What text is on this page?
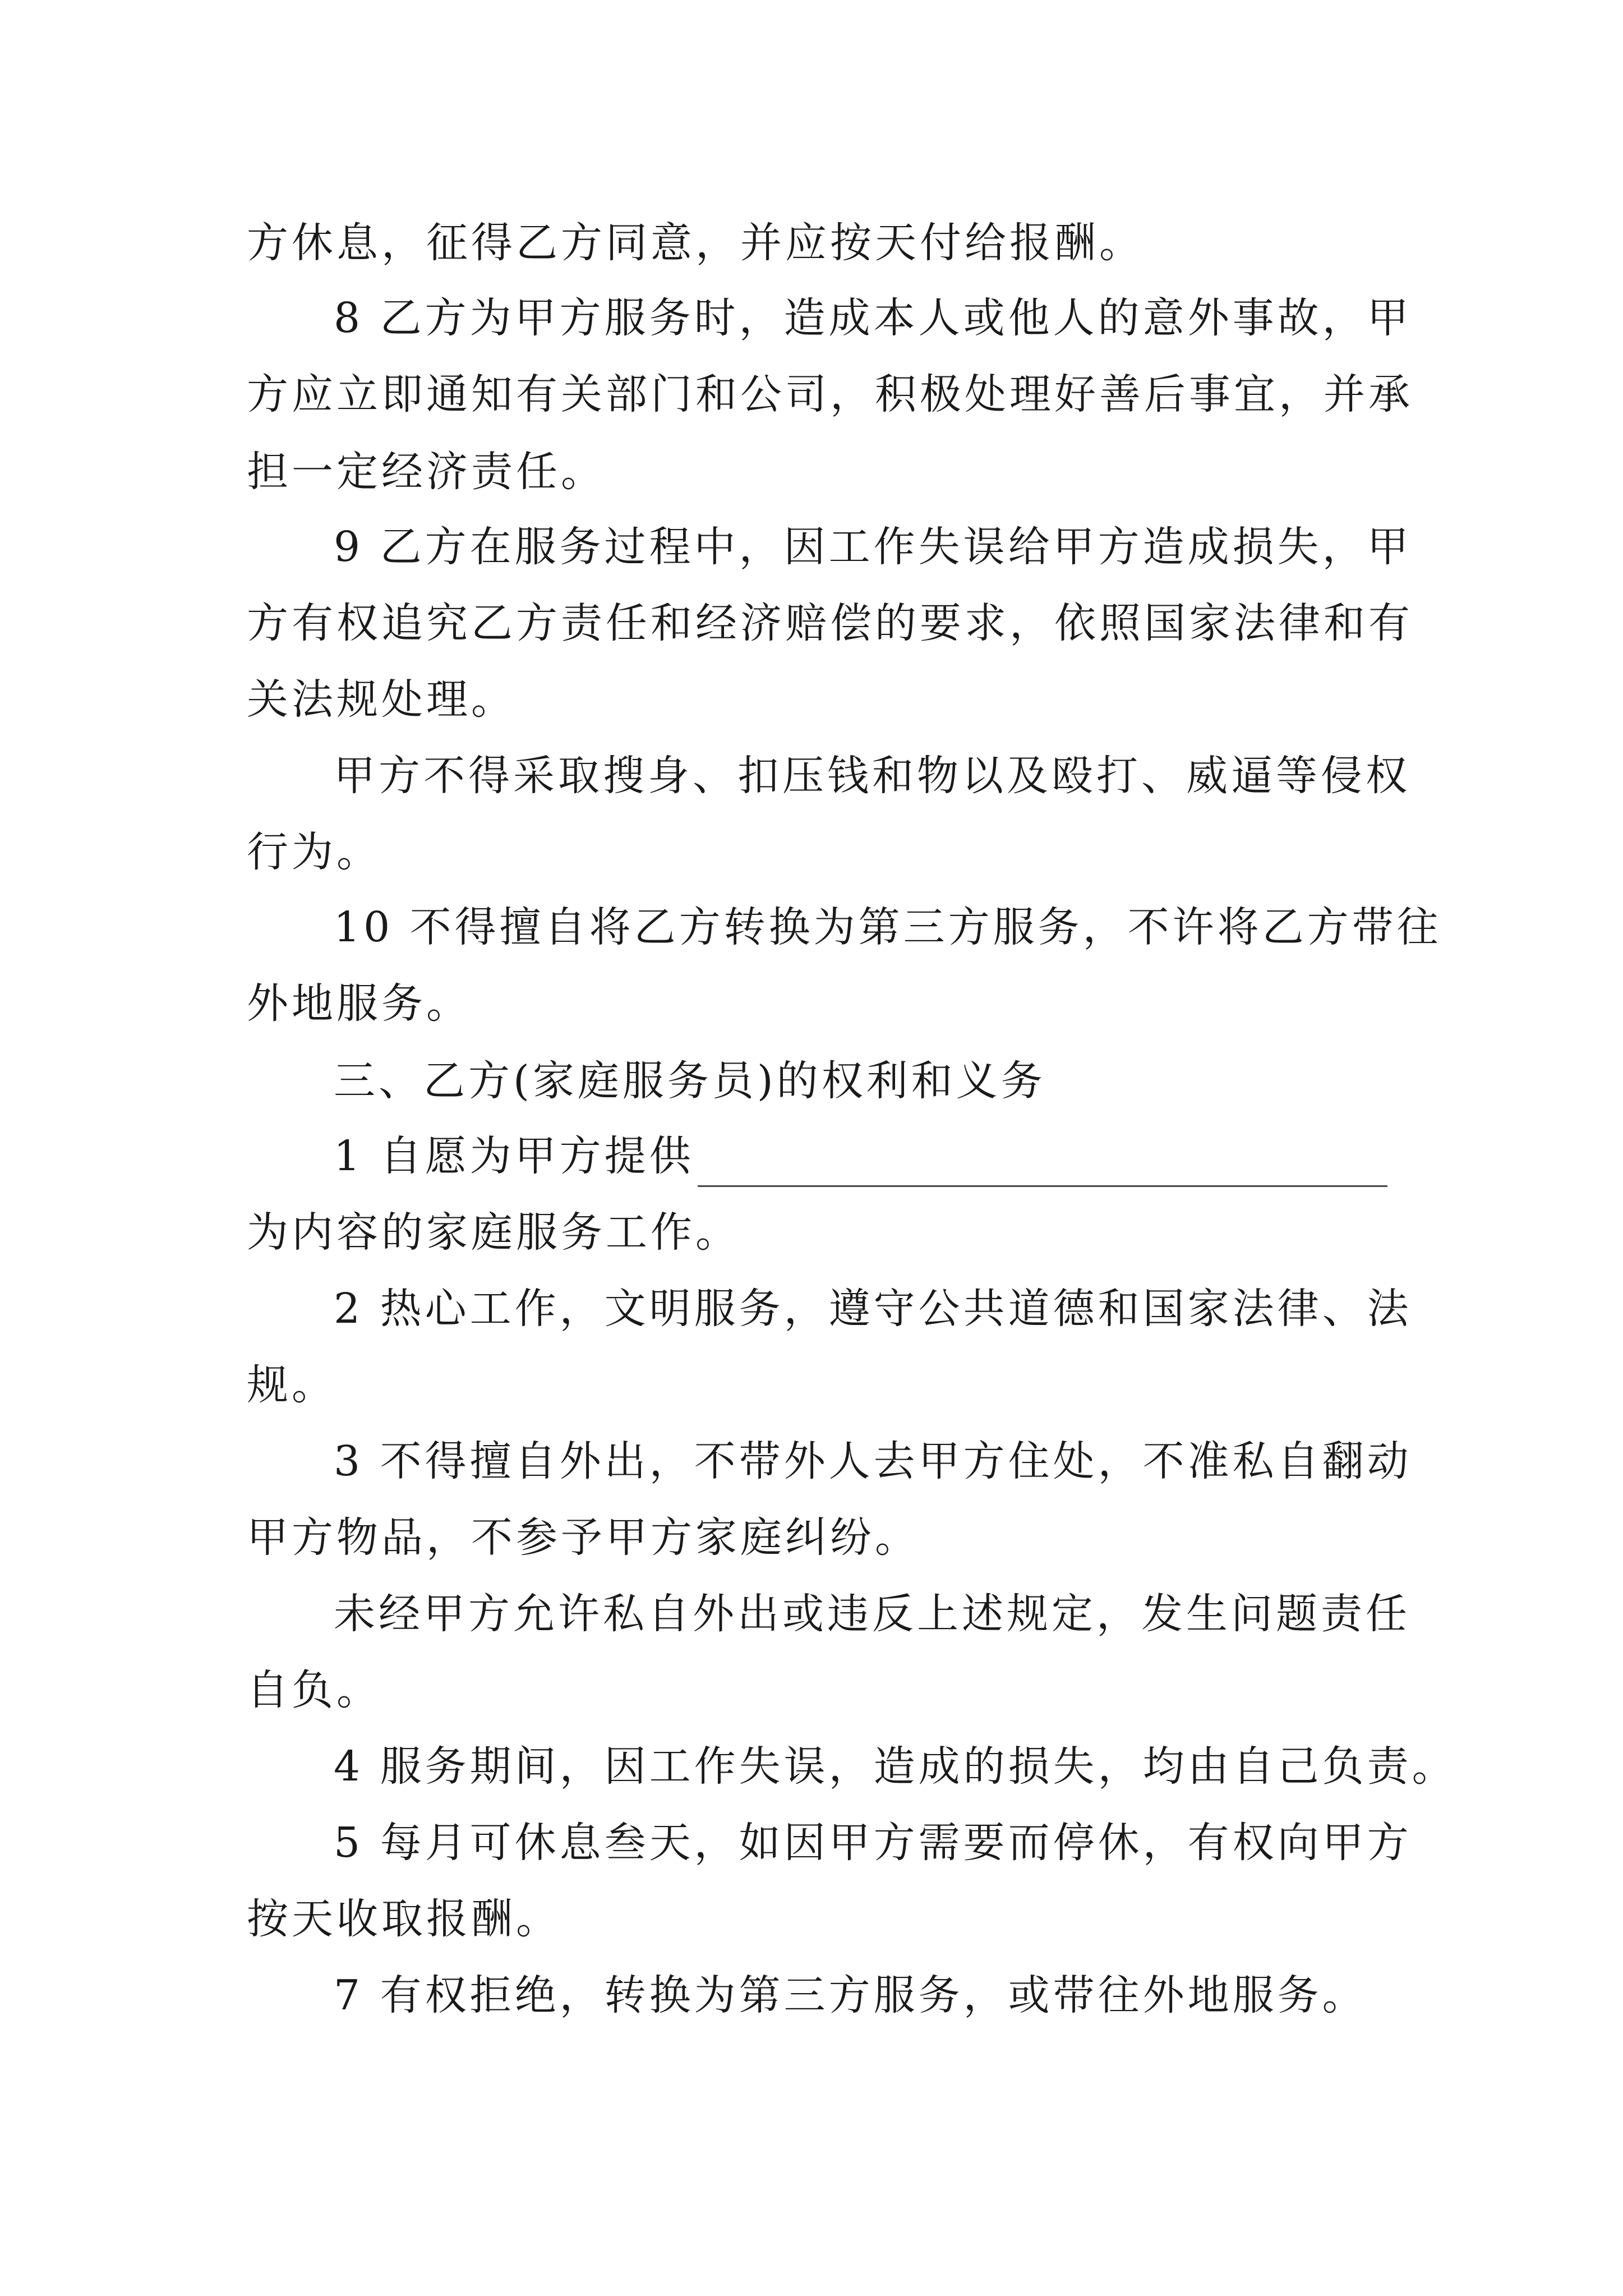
方休息，征得乙方同意，并应按天付给报酬。
8 乙方为甲方服务时，造成本人或他人的意外事故，甲
方应立即通知有关部门和公司，积极处理好善后事宜，并承
担一定经济责任。
9 乙方在服务过程中，因工作失误给甲方造成损失，甲
方有权追究乙方责任和经济赔偿的要求，依照国家法律和有
关法规处理。
甲方不得采取搜身、扣压钱和物以及殴打、威逼等侵权
行为。
10 不得擅自将乙方转换为第三方服务，不许将乙方带往
外地服务。
三、乙方(家庭服务员)的权利和义务
1 自愿为甲方提供
为内容的家庭服务工作。
2 热心工作，文明服务，遵守公共道德和国家法律、法
规。
3 不得擅自外出，不带外人去甲方住处，不准私自翻动
甲方物品，不参予甲方家庭纠纷。
未经甲方允许私自外出或违反上述规定，发生问题责任
自负。
4 服务期间，因工作失误，造成的损失，均由自己负责。
5 每月可休息叁天，如因甲方需要而停休，有权向甲方
按天收取报酬。
7 有权拒绝，转换为第三方服务，或带往外地服务。
